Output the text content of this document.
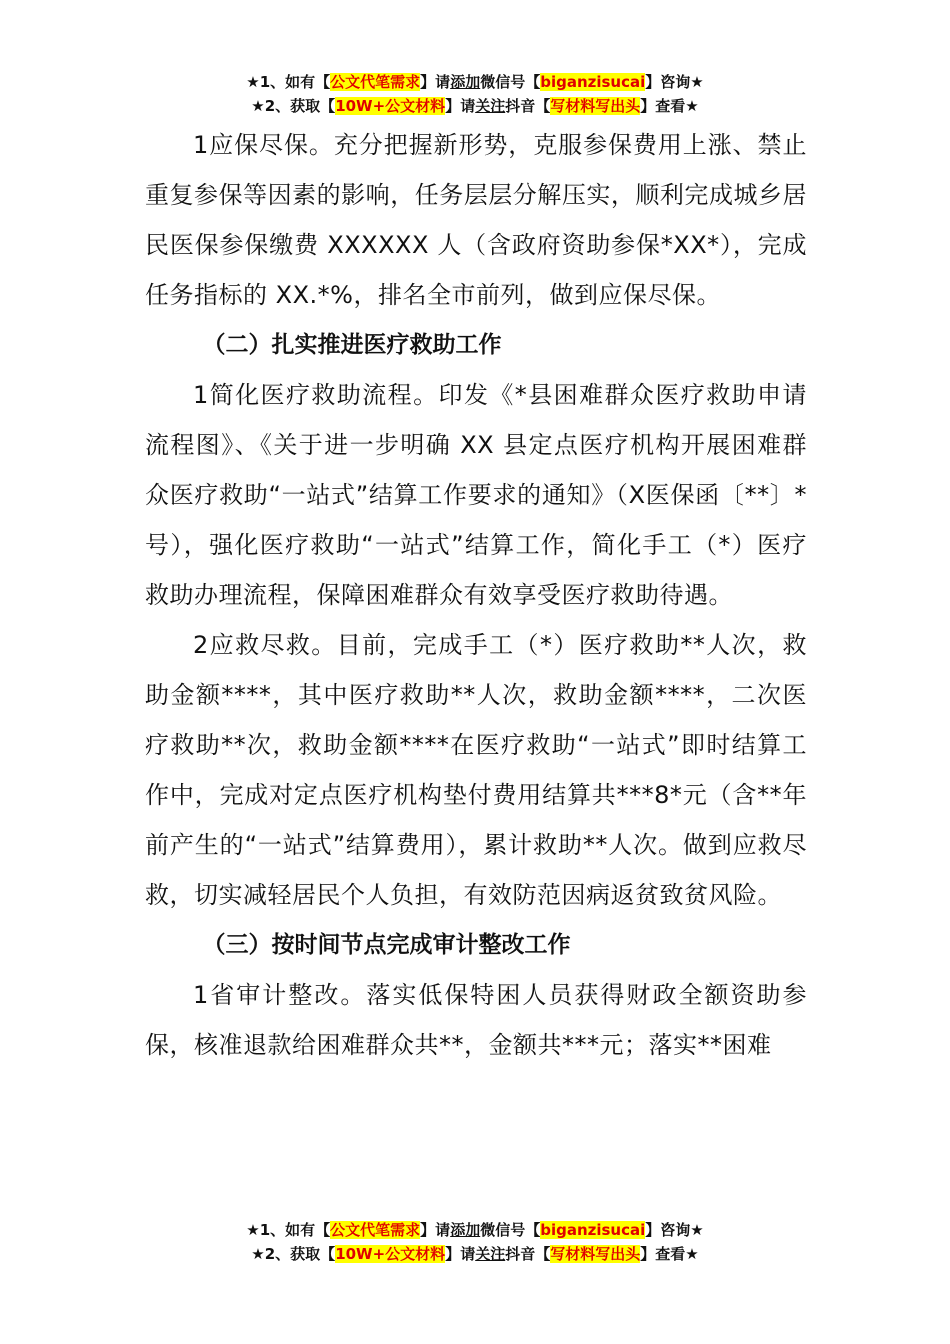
★1、如有【公文代笔需求】请添加微信号【biganzisucai】咨询★
★2、获取【10W+公文材料】请关注抖音【写材料写出头】查看★

1应保尽保。充分把握新形势，克服参保费用上涨、禁止重复参保等因素的影响，任务层层分解压实，顺利完成城乡居民医保参保缴费 XXXXXX 人（含政府资助参保*XX*），完成任务指标的 XX.*%，排名全市前列，做到应保尽保。

（二）扎实推进医疗救助工作

1简化医疗救助流程。印发《*县困难群众医疗救助申请流程图》、《关于进一步明确 XX 县定点医疗机构开展困难群众医疗救助“一站式”结算工作要求的通知》（X医保函〔**〕*号），强化医疗救助“一站式”结算工作，简化手工（*）医疗救助办理流程，保障困难群众有效享受医疗救助待遇。

2应救尽救。目前，完成手工（*）医疗救助**人次，救助金额****，其中医疗救助**人次，救助金额****，二次医疗救助**次，救助金额****在医疗救助“一站式”即时结算工作中，完成对定点医疗机构垫付费用结算共***8*元（含**年前产生的“一站式”结算费用），累计救助**人次。做到应救尽救，切实减轻居民个人负担，有效防范因病返贫致贫风险。

（三）按时间节点完成审计整改工作

1省审计整改。落实低保特困人员获得财政全额资助参保，核准退款给困难群众共**，金额共***元；落实**困难

★1、如有【公文代笔需求】请添加微信号【biganzisucai】咨询★
★2、获取【10W+公文材料】请关注抖音【写材料写出头】查看★
